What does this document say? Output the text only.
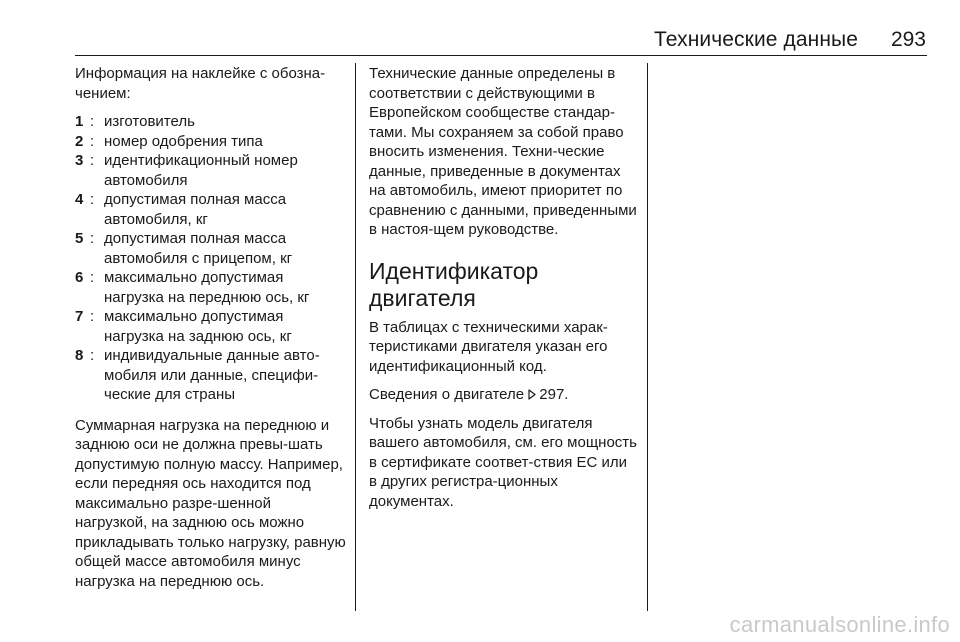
Технические данные	293

Информация на наклейке с обозна-чением:

1 : изготовитель
2 : номер одобрения типа
3 : идентификационный номер автомобиля
4 : допустимая полная масса автомобиля, кг
5 : допустимая полная масса автомобиля с прицепом, кг
6 : максимально допустимая нагрузка на переднюю ось, кг
7 : максимально допустимая нагрузка на заднюю ось, кг
8 : индивидуальные данные авто-мобиля или данные, специфи-ческие для страны

Суммарная нагрузка на переднюю и заднюю оси не должна превы-шать допустимую полную массу. Например, если передняя ось находится под максимально разре-шенной нагрузкой, на заднюю ось можно прикладывать только нагрузку, равную общей массе автомобиля минус нагрузка на переднюю ось.

Технические данные определены в соответствии с действующими в Европейском сообществе стандар-тами. Мы сохраняем за собой право вносить изменения. Техни-ческие данные, приведенные в документах на автомобиль, имеют приоритет по сравнению с данными, приведенными в настоя-щем руководстве.

Идентификатор двигателя

В таблицах с техническими харак-теристиками двигателя указан его идентификационный код.

Сведения о двигателе 297.

Чтобы узнать модель двигателя вашего автомобиля, см. его мощность в сертификате соответ-ствия ЕС или в других регистра-ционных документах.

carmanualsonline.info
